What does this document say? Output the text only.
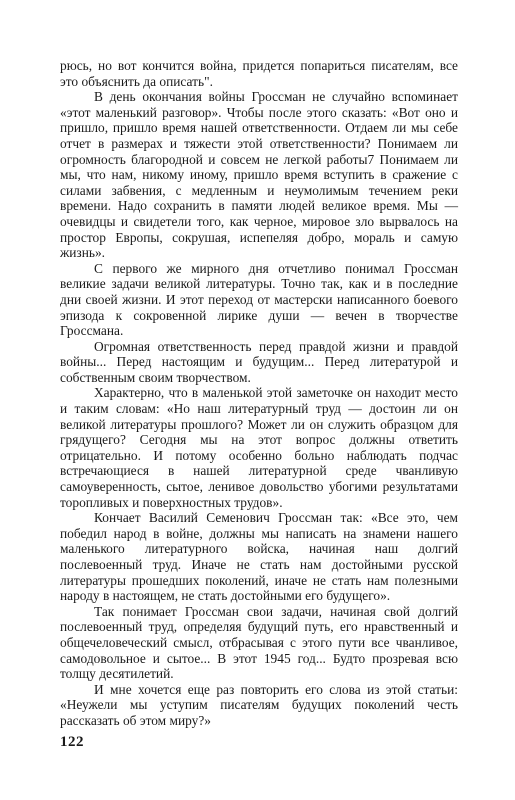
рюсь, но вот кончится война, придется попариться писателям, все это объяснить да описать".

В день окончания войны Гроссман не случайно вспоминает «этот маленький разговор». Чтобы после этого сказать: «Вот оно и пришло, пришло время нашей ответственности. Отдаем ли мы себе отчет в размерах и тяжести этой ответственности? Понимаем ли огромность благородной и совсем не легкой работы7 Понимаем ли мы, что нам, никому иному, пришло время вступить в сражение с силами забвения, с медленным и неумолимым течением реки времени. Надо сохранить в памяти людей великое время. Мы — очевидцы и свидетели того, как черное, мировое зло вырвалось на простор Европы, сокрушая, испепеляя добро, мораль и самую жизнь».

С первого же мирного дня отчетливо понимал Гроссман великие задачи великой литературы. Точно так, как и в последние дни своей жизни. И этот переход от мастерски написанного боевого эпизода к сокровенной лирике души — вечен в творчестве Гроссмана.

Огромная ответственность перед правдой жизни и правдой войны... Перед настоящим и будущим... Перед литературой и собственным своим творчеством.

Характерно, что в маленькой этой заметочке он находит место и таким словам: «Но наш литературный труд — достоин ли он великой литературы прошлого? Может ли он служить образцом для грядущего? Сегодня мы на этот вопрос должны ответить отрицательно. И потому особенно больно наблюдать подчас встречающиеся в нашей литературной среде чванливую самоуверенность, сытое, ленивое довольство убогими результатами торопливых и поверхностных трудов».

Кончает Василий Семенович Гроссман так: «Все это, чем победил народ в войне, должны мы написать на знамени нашего маленького литературного войска, начиная наш долгий послевоенный труд. Иначе не стать нам достойными русской литературы прошедших поколений, иначе не стать нам полезными народу в настоящем, не стать достойными его будущего».

Так понимает Гроссман свои задачи, начиная свой долгий послевоенный труд, определяя будущий путь, его нравственный и общечеловеческий смысл, отбрасывая с этого пути все чванливое, самодовольное и сытое... В этот 1945 год... Будто прозревая всю толщу десятилетий.

И мне хочется еще раз повторить его слова из этой статьи: «Неужели мы уступим писателям будущих поколений честь рассказать об этом миру?»

122
